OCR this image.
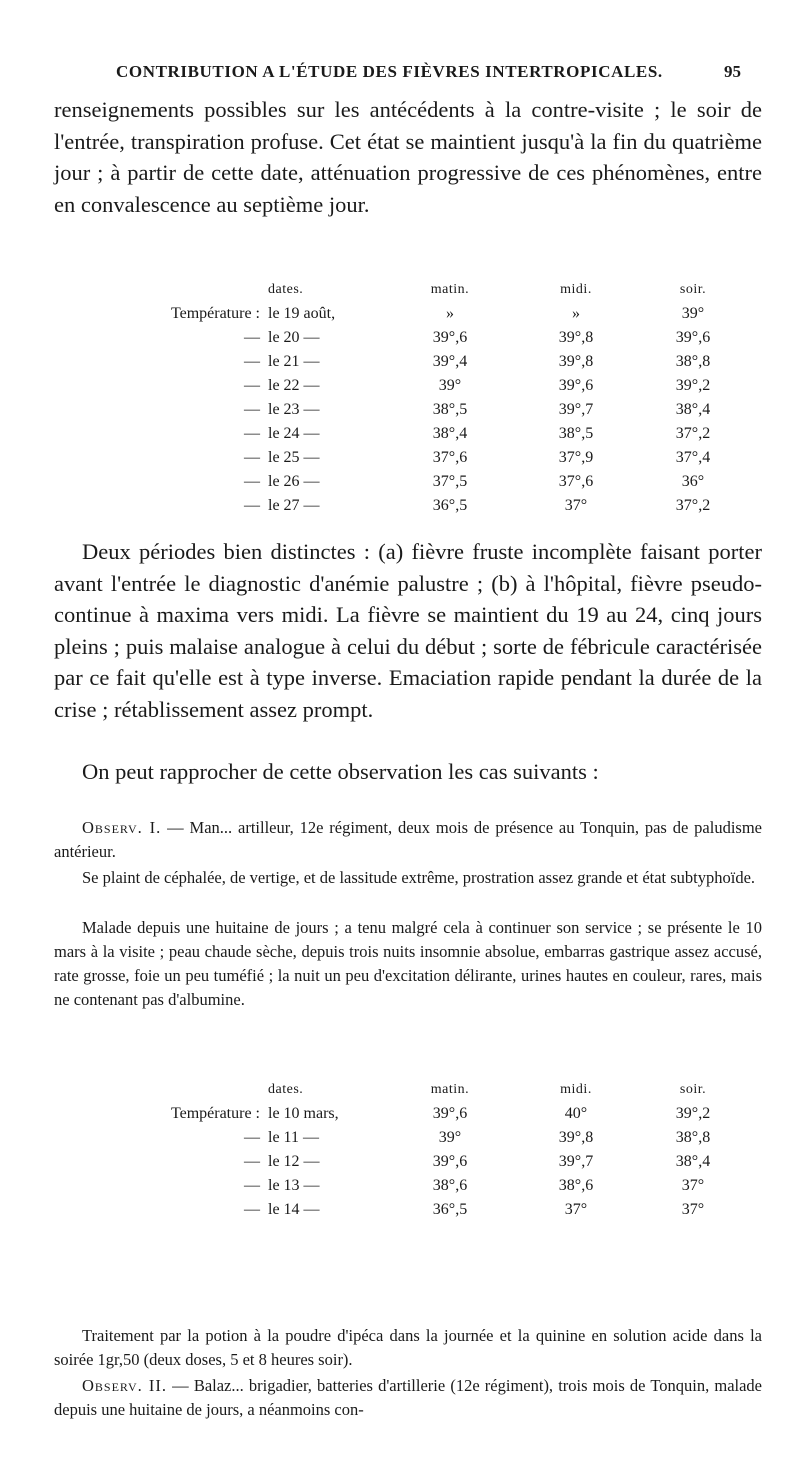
CONTRIBUTION A L'ÉTUDE DES FIÈVRES INTERTROPICALES.	95

renseignements possibles sur les antécédents à la contre-visite ; le soir de l'entrée, transpiration profuse. Cet état se maintient jusqu'à la fin du quatrième jour ; à partir de cette date, atténuation progressive de ces phénomènes, entre en convalescence au septième jour.

	dates.	matin.	midi.	soir.
Température :	le 19 août,	»	»	39°
—	le 20 —	39°,6	39°,8	39°,6
—	le 21 —	39°,4	39°,8	38°,8
—	le 22 —	39°	39°,6	39°,2
—	le 23 —	38°,5	39°,7	38°,4
—	le 24 —	38°,4	38°,5	37°,2
—	le 25 —	37°,6	37°,9	37°,4
—	le 26 —	37°,5	37°,6	36°
—	le 27 —	36°,5	37°	37°,2

Deux périodes bien distinctes : (a) fièvre fruste incomplète faisant porter avant l'entrée le diagnostic d'anémie palustre ; (b) à l'hôpital, fièvre pseudo-continue à maxima vers midi. La fièvre se maintient du 19 au 24, cinq jours pleins ; puis malaise analogue à celui du début ; sorte de fébricule caractérisée par ce fait qu'elle est à type inverse. Emaciation rapide pendant la durée de la crise ; rétablissement assez prompt.

On peut rapprocher de cette observation les cas suivants :

Observ. I. — Man... artilleur, 12e régiment, deux mois de présence au Tonquin, pas de paludisme antérieur.

Se plaint de céphalée, de vertige, et de lassitude extrême, prostration assez grande et état subtyphoïde.

Malade depuis une huitaine de jours ; a tenu malgré cela à continuer son service ; se présente le 10 mars à la visite ; peau chaude sèche, depuis trois nuits insomnie absolue, embarras gastrique assez accusé, rate grosse, foie un peu tuméfié ; la nuit un peu d'excitation délirante, urines hautes en couleur, rares, mais ne contenant pas d'albumine.

	dates.	matin.	midi.	soir.
Température :	le 10 mars,	39°,6	40°	39°,2
—	le 11 —	39°	39°,8	38°,8
—	le 12 —	39°,6	39°,7	38°,4
—	le 13 —	38°,6	38°,6	37°
—	le 14 —	36°,5	37°	37°

Traitement par la potion à la poudre d'ipéca dans la journée et la quinine en solution acide dans la soirée 1gr,50 (deux doses, 5 et 8 heures soir).

Observ. II. — Balaz... brigadier, batteries d'artillerie (12e régiment), trois mois de Tonquin, malade depuis une huitaine de jours, a néanmoins con-
